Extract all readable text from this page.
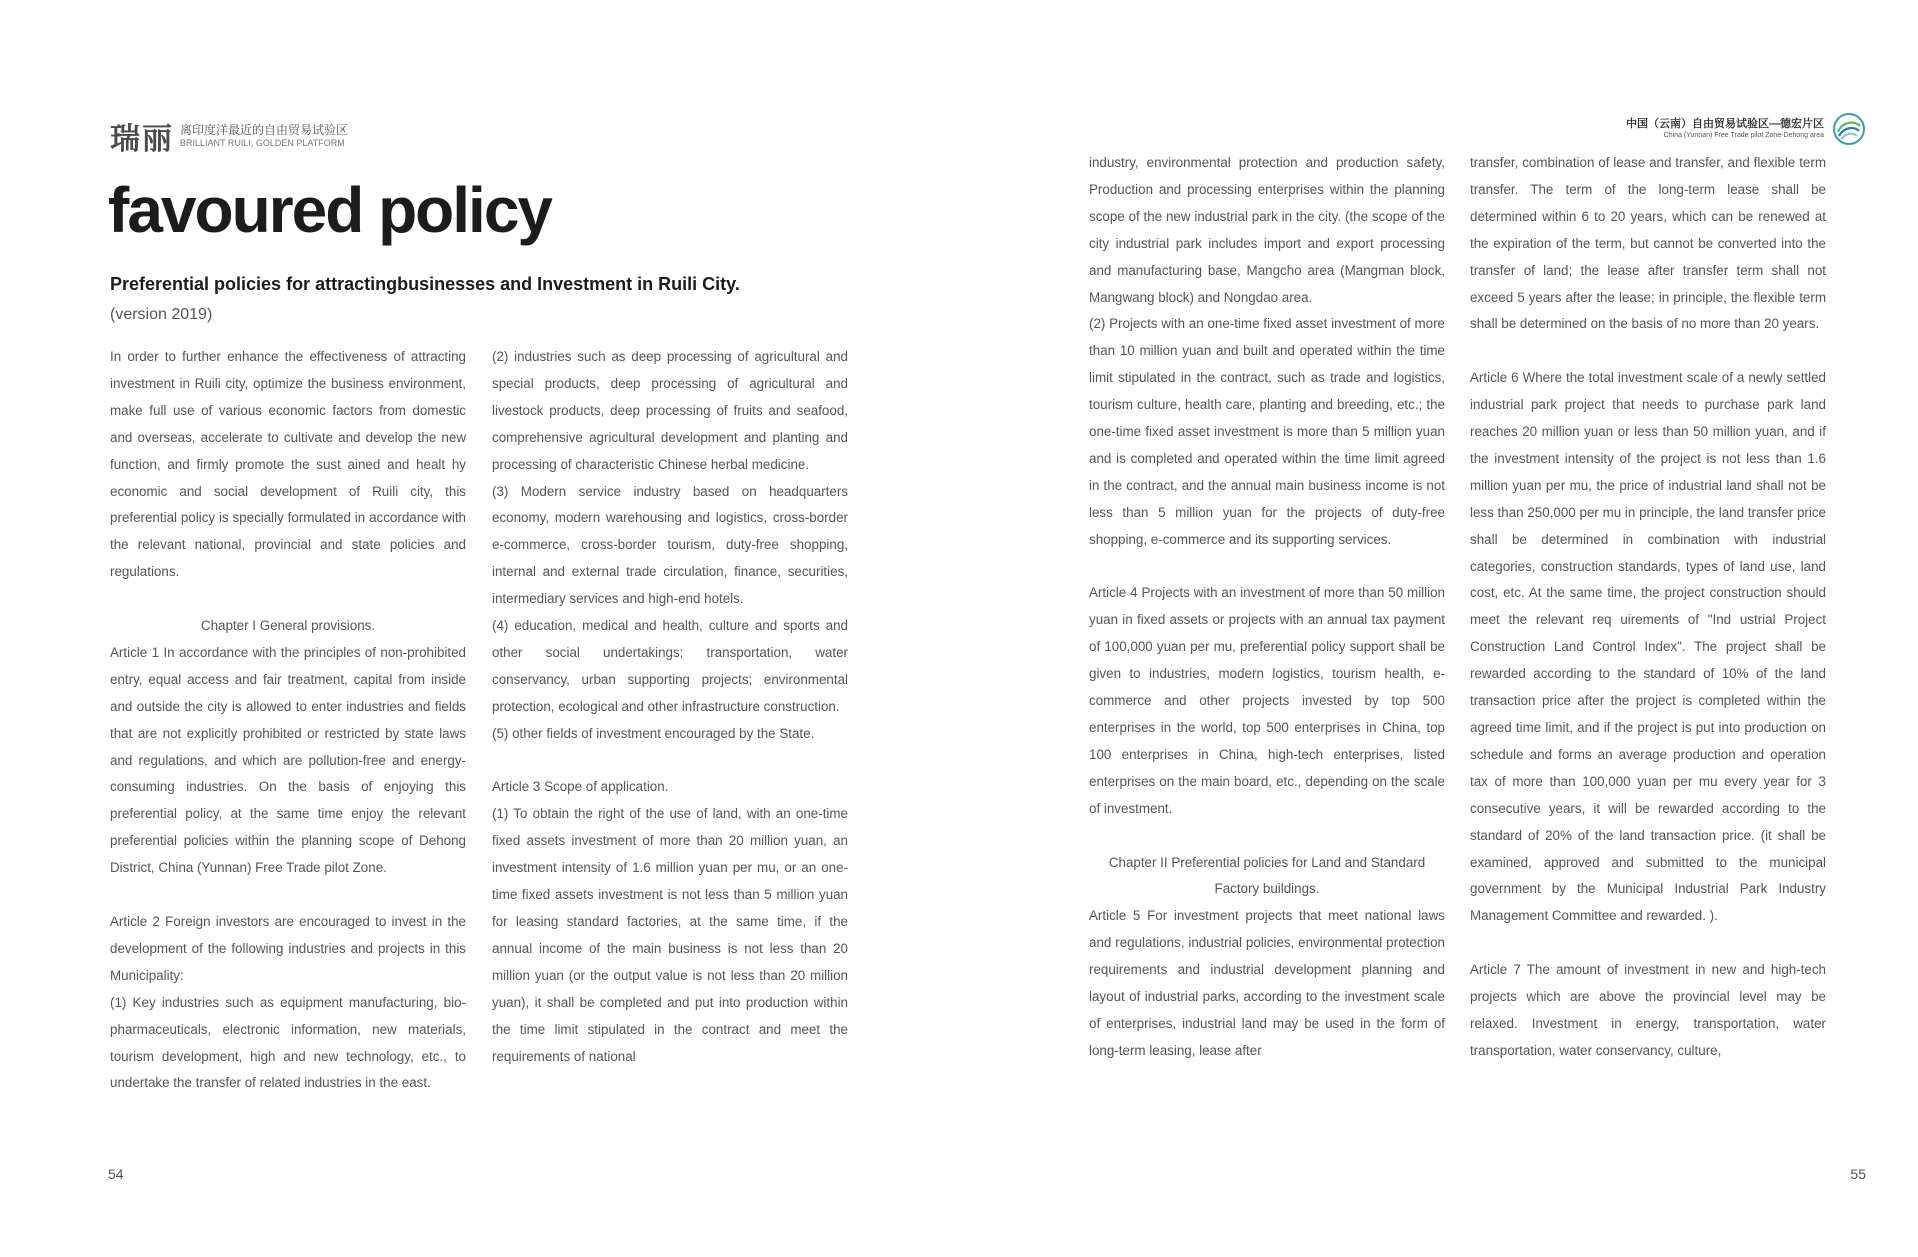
瑞丽 离印度洋最近的自由贸易试验区
BRILLIANT RUILI, GOLDEN PLATFORM
favoured policy
Preferential policies for attractingbusinesses and Investment in Ruili City.
(version 2019)

In order to further enhance the effectiveness of attracting investment in Ruili city, optimize the business environment, make full use of various economic factors from domestic and overseas, accelerate to cultivate and develop the new function, and firmly promote the sust ained and healt hy economic and social development of Ruili city, this preferential policy is specially formulated in accordance with the relevant national, provincial and state policies and regulations.

Chapter I General provisions.

Article 1 In accordance with the principles of non-prohibited entry, equal access and fair treatment, capital from inside and outside the city is allowed to enter industries and fields that are not explicitly prohibited or restricted by state laws and regulations, and which are pollution-free and energy-consuming industries. On the basis of enjoying this preferential policy, at the same time enjoy the relevant preferential policies within the planning scope of Dehong District, China (Yunnan) Free Trade pilot Zone.

Article 2 Foreign investors are encouraged to invest in the development of the following industries and projects in this Municipality:

(1) Key industries such as equipment manufacturing, bio-pharmaceuticals, electronic information, new materials, tourism development, high and new technology, etc., to undertake the transfer of related industries in the east.

(2) industries such as deep processing of agricultural and special products, deep processing of agricultural and livestock products, deep processing of fruits and seafood, comprehensive agricultural development and planting and processing of characteristic Chinese herbal medicine.

(3) Modern service industry based on headquarters economy, modern warehousing and logistics, cross-border e-commerce, cross-border tourism, duty-free shopping, internal and external trade circulation, finance, securities, intermediary services and high-end hotels.

(4) education, medical and health, culture and sports and other social undertakings; transportation, water conservancy, urban supporting projects; environmental protection, ecological and other infrastructure construction.

(5) other fields of investment encouraged by the State.

Article 3 Scope of application.

(1) To obtain the right of the use of land, with an one-time fixed assets investment of more than 20 million yuan, an investment intensity of 1.6 million yuan per mu, or an one-time fixed assets investment is not less than 5 million yuan for leasing standard factories, at the same time, if the annual income of the main business is not less than 20 million yuan (or the output value is not less than 20 million yuan), it shall be completed and put into production within the time limit stipulated in the contract and meet the requirements of national

54
中国（云南）自由贸易试验区—德宏片区
China (Yunnan) Free Trade pilot Zone-Dehong area

industry, environmental protection and production safety, Production and processing enterprises within the planning scope of the new industrial park in the city. (the scope of the city industrial park includes import and export processing and manufacturing base, Mangcho area (Mangman block, Mangwang block) and Nongdao area.

(2) Projects with an one-time fixed asset investment of more than 10 million yuan and built and operated within the time limit stipulated in the contract, such as trade and logistics, tourism culture, health care, planting and breeding, etc.; the one-time fixed asset investment is more than 5 million yuan and is completed and operated within the time limit agreed in the contract, and the annual main business income is not less than 5 million yuan for the projects of duty-free shopping, e-commerce and its supporting services.

Article 4 Projects with an investment of more than 50 million yuan in fixed assets or projects with an annual tax payment of 100,000 yuan per mu, preferential policy support shall be given to industries, modern logistics, tourism health, e-commerce and other projects invested by top 500 enterprises in the world, top 500 enterprises in China, top 100 enterprises in China, high-tech enterprises, listed enterprises on the main board, etc., depending on the scale of investment.

Chapter II Preferential policies for Land and Standard Factory buildings.

Article 5 For investment projects that meet national laws and regulations, industrial policies, environmental protection requirements and industrial development planning and layout of industrial parks, according to the investment scale of enterprises, industrial land may be used in the form of long-term leasing, lease after

transfer, combination of lease and transfer, and flexible term transfer. The term of the long-term lease shall be determined within 6 to 20 years, which can be renewed at the expiration of the term, but cannot be converted into the transfer of land; the lease after transfer term shall not exceed 5 years after the lease; in principle, the flexible term shall be determined on the basis of no more than 20 years.

Article 6 Where the total investment scale of a newly settled industrial park project that needs to purchase park land reaches 20 million yuan or less than 50 million yuan, and if the investment intensity of the project is not less than 1.6 million yuan per mu, the price of industrial land shall not be less than 250,000 per mu in principle, the land transfer price shall be determined in combination with industrial categories, construction standards, types of land use, land cost, etc. At the same time, the project construction should meet the relevant req uirements of "Ind ustrial Project Construction Land Control Index". The project shall be rewarded according to the standard of 10% of the land transaction price after the project is completed within the agreed time limit, and if the project is put into production on schedule and forms an average production and operation tax of more than 100,000 yuan per mu every year for 3 consecutive years, it will be rewarded according to the standard of 20% of the land transaction price. (it shall be examined, approved and submitted to the municipal government by the Municipal Industrial Park Industry Management Committee and rewarded. ).

Article 7 The amount of investment in new and high-tech projects which are above the provincial level may be relaxed. Investment in energy, transportation, water transportation, water conservancy, culture,

55
